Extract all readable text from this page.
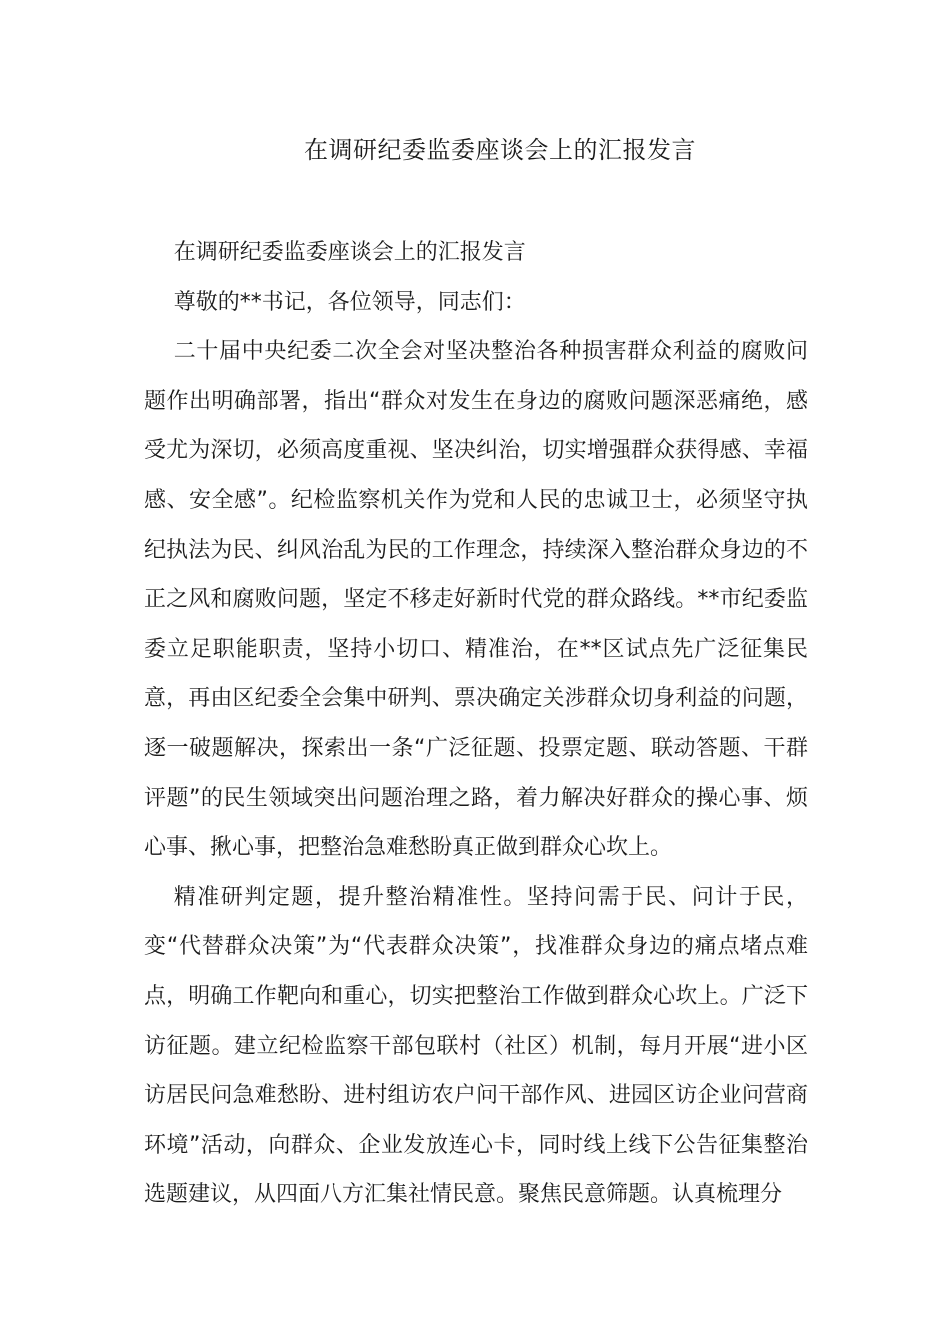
在调研纪委监委座谈会上的汇报发言

在调研纪委监委座谈会上的汇报发言

尊敬的**书记，各位领导，同志们：

二十届中央纪委二次全会对坚决整治各种损害群众利益的腐败问题作出明确部署，指出“群众对发生在身边的腐败问题深恶痛绝，感受尤为深切，必须高度重视、坚决纠治，切实增强群众获得感、幸福感、安全感”。纪检监察机关作为党和人民的忠诚卫士，必须坚守执纪执法为民、纠风治乱为民的工作理念，持续深入整治群众身边的不正之风和腐败问题，坚定不移走好新时代党的群众路线。**市纪委监委立足职能职责，坚持小切口、精准治，在**区试点先广泛征集民意，再由区纪委全会集中研判、票决确定关涉群众切身利益的问题，逐一破题解决，探索出一条“广泛征题、投票定题、联动答题、干群评题”的民生领域突出问题治理之路，着力解决好群众的操心事、烦心事、揪心事，把整治急难愁盼真正做到群众心坎上。

精准研判定题，提升整治精准性。坚持问需于民、问计于民，变“代替群众决策”为“代表群众决策”，找准群众身边的痛点堵点难点，明确工作靶向和重心，切实把整治工作做到群众心坎上。广泛下访征题。建立纪检监察干部包联村（社区）机制，每月开展“进小区访居民问急难愁盼、进村组访农户问干部作风、进园区访企业问营商环境”活动，向群众、企业发放连心卡，同时线上线下公告征集整治选题建议，从四面八方汇集社情民意。聚焦民意筛题。认真梳理分
